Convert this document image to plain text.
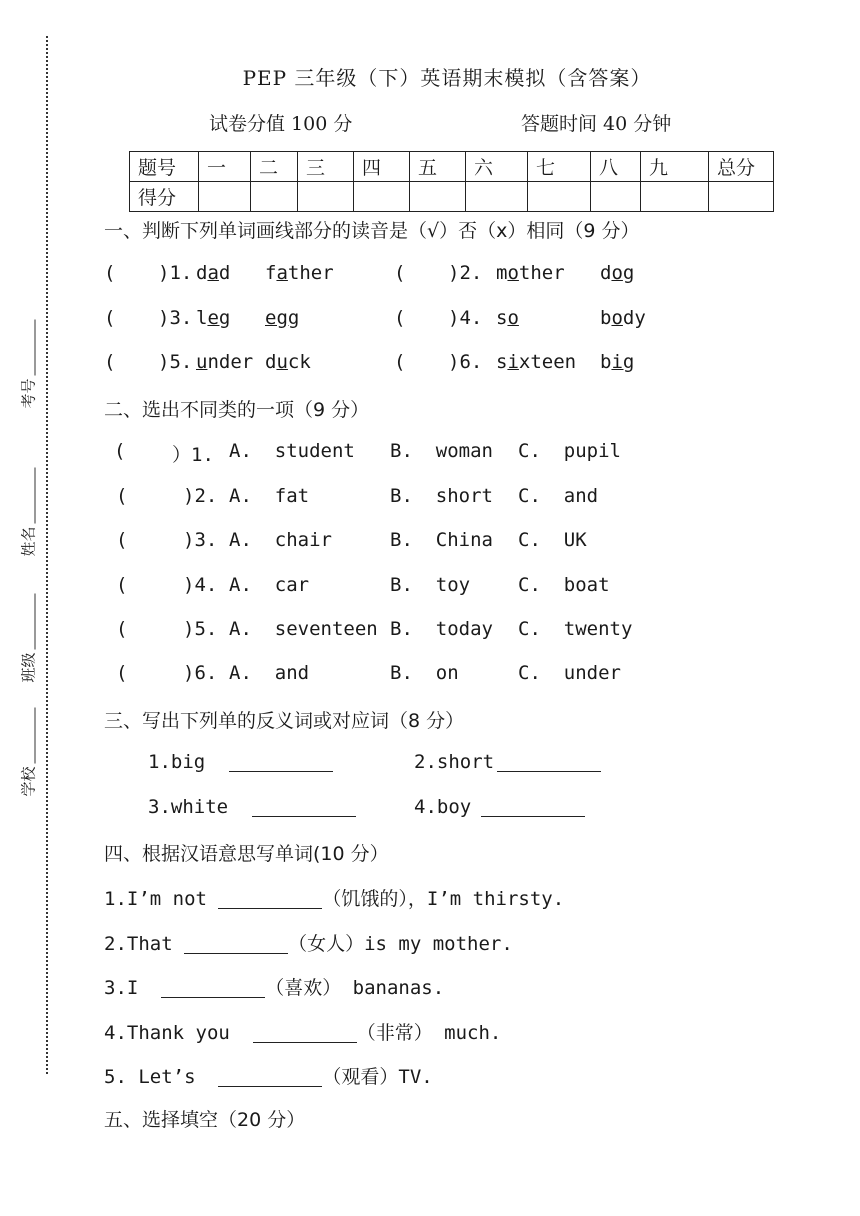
考号
姓名
班级
学校
PEP 三年级（下）英语期末模拟（含答案）
试卷分值 100 分	答题时间 40 分钟
题号	一	二	三	四	五	六	七	八	九	总分
得分										
一、判断下列单词画线部分的读音是（√）否（x）相同（9 分）
( )1. dad father	( )2. mother dog
( )3. leg egg	( )4. so	body
( )5. under duck	( )6. sixteen big
二、选出不同类的一项（9 分）
( ）1. A.  student B.  woman C.  pupil
(	)2. A.  fat	B.  short C.  and
(	)3. A.  chair	B.  China C.  UK
(	)4. A.  car	B.  toy	C.  boat
(	)5. A.  seventeen B.  today C.  twenty
(	)6. A.  and	B.  on	C.  under
三、写出下列单的反义词或对应词（8 分）
1.big	2.short
3.white	4.boy
四、根据汉语意思写单词(10 分）
1.I’m not	（饥饿的），I’m thirsty.
2.That	（女人）is my mother.
3.I	（喜欢） bananas.
4.Thank you	（非常） much.
5. Let’s	（观看）TV.
五、选择填空（20 分）
